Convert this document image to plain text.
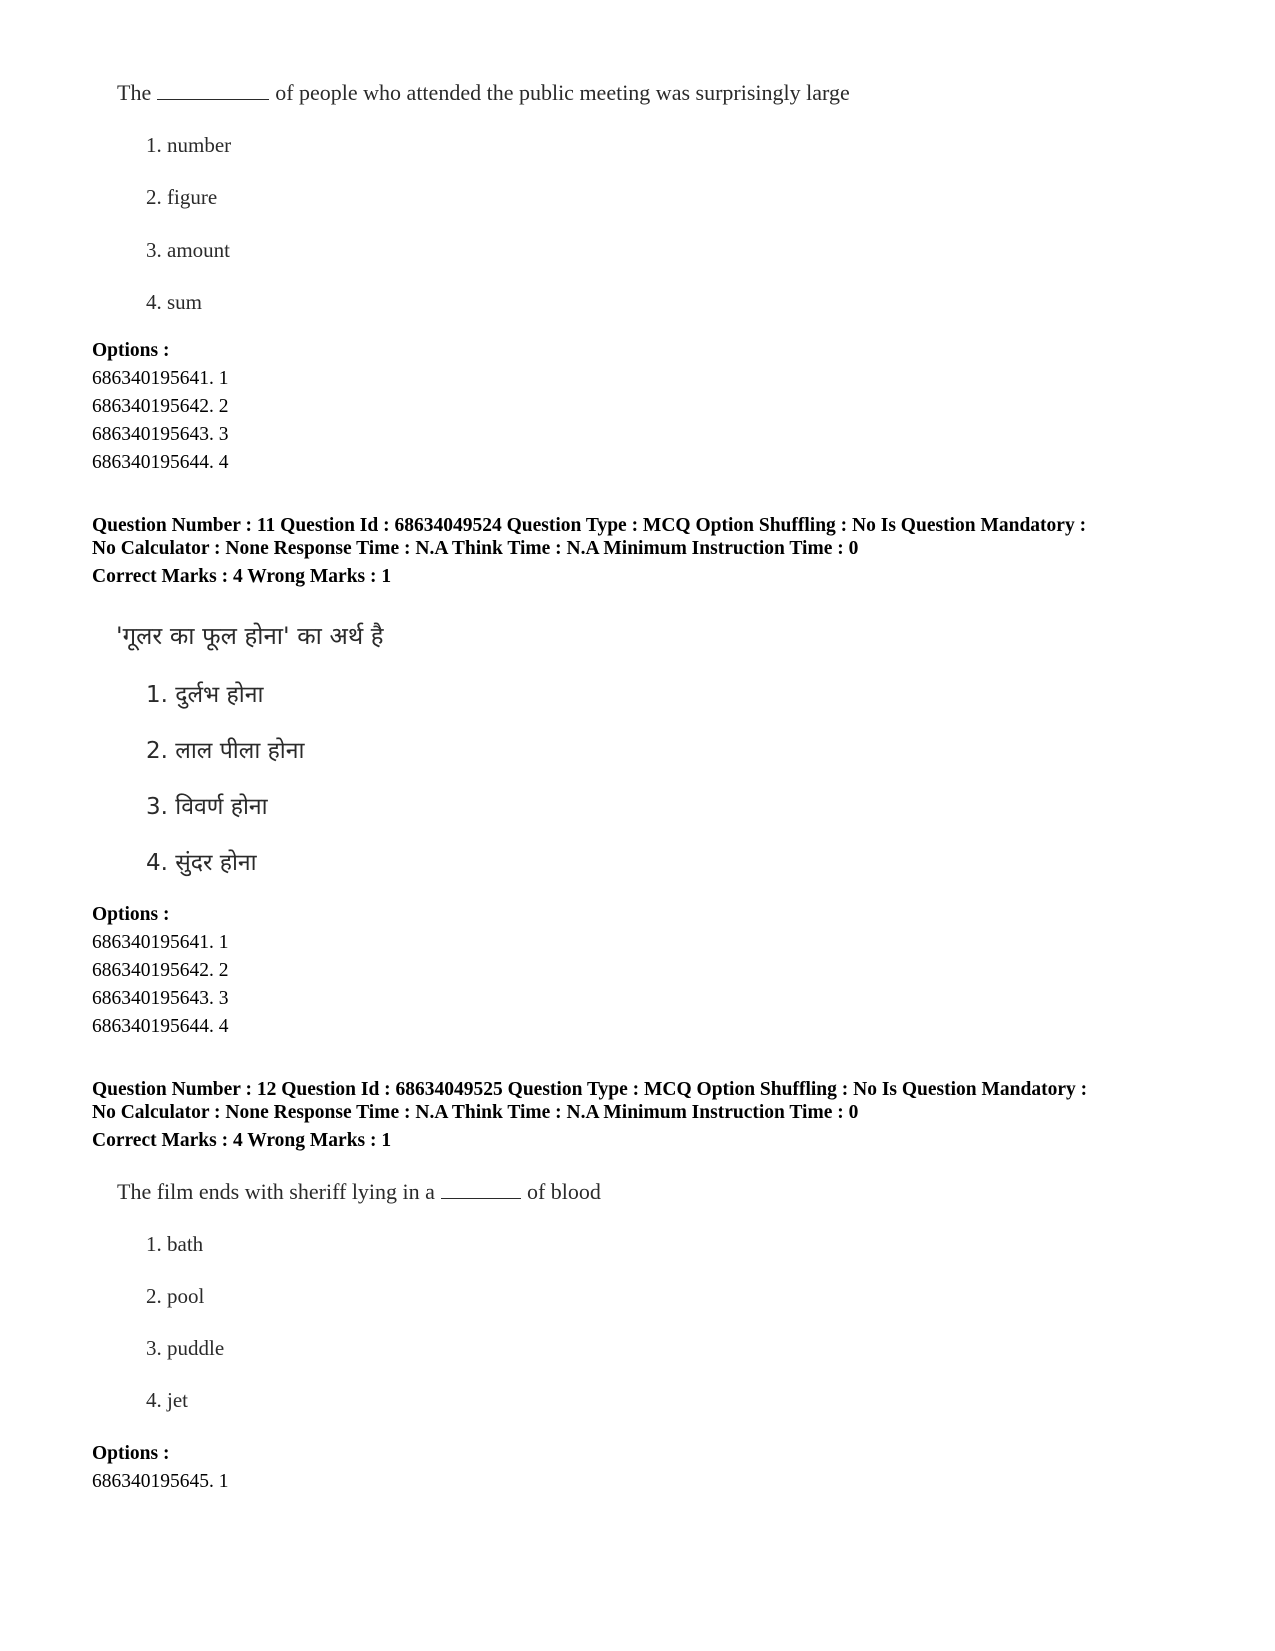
The	of people who attended the public meeting was surprisingly large
1. number
2. figure
3. amount
4. sum
Options :
686340195641. 1
686340195642. 2
686340195643. 3
686340195644. 4
Question Number : 11 Question Id : 68634049524 Question Type : MCQ Option Shuffling : No Is Question Mandatory :
No Calculator : None Response Time : N.A Think Time : N.A Minimum Instruction Time : 0
Correct Marks : 4 Wrong Marks : 1
'गूलर का फूल होना' का अर्थ है
1. दुर्लभ होना
2. लाल पीला होना
3. विवर्ण होना
4. सुंदर होना
Options :
686340195641. 1
686340195642. 2
686340195643. 3
686340195644. 4
Question Number : 12 Question Id : 68634049525 Question Type : MCQ Option Shuffling : No Is Question Mandatory :
No Calculator : None Response Time : N.A Think Time : N.A Minimum Instruction Time : 0
Correct Marks : 4 Wrong Marks : 1
The film ends with sheriff lying in a	of blood
1. bath
2. pool
3. puddle
4. jet
Options :
686340195645. 1
